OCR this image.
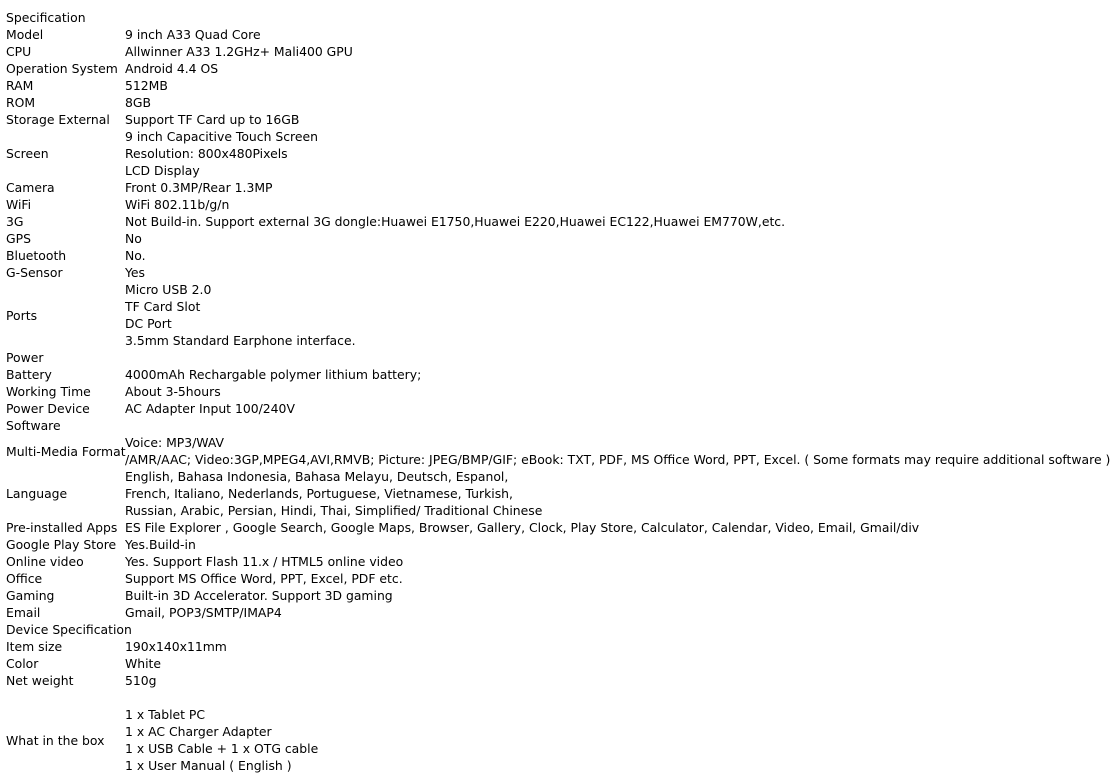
Specification	
Model	9 inch A33 Quad Core

CPU	Allwinner A33 1.2GHz+ Mali400 GPU

Operation System	Android 4.4 OS

RAM	512MB

ROM	8GB

Storage External	Support TF Card up to 16GB

Screen	9 inch Capacitive Touch Screen
Resolution: 800x480Pixels
LCD Display

Camera	Front 0.3MP/Rear 1.3MP

WiFi	WiFi 802.11b/g/n

3G	Not Build-in. Support external 3G dongle:Huawei E1750,Huawei E220,Huawei EC122,Huawei EM770W,etc.

GPS	No

Bluetooth	No.

G-Sensor	Yes

Ports	Micro USB 2.0
TF Card Slot
DC Port
3.5mm Standard Earphone interface.

Power	
Battery	4000mAh Rechargable polymer lithium battery;

Working Time	About 3-5hours

Power Device	AC Adapter Input 100/240V

Software	
Multi-Media Format	Voice: MP3/WAV
/AMR/AAC; Video:3GP,MPEG4,AVI,RMVB; Picture: JPEG/BMP/GIF; eBook: TXT, PDF, MS Office Word, PPT, Excel. ( Some formats may require additional software )

Language	English, Bahasa Indonesia, Bahasa Melayu, Deutsch, Espanol,
French, Italiano, Nederlands, Portuguese, Vietnamese, Turkish,
Russian, Arabic, Persian, Hindi, Thai, Simplified/ Traditional Chinese

Pre-installed Apps	ES File Explorer , Google Search, Google Maps, Browser, Gallery, Clock, Play Store, Calculator, Calendar, Video, Email, Gmail/div

Google Play Store	Yes.Build-in

Online video	Yes. Support Flash 11.x / HTML5 online video

Office	Support MS Office Word, PPT, Excel, PDF etc.

Gaming	Built-in 3D Accelerator. Support 3D gaming

Email	Gmail, POP3/SMTP/IMAP4

Device Specification	
Item size	190x140x11mm

Color	White

Net weight	510g

What in the box	1 x Tablet PC
1 x AC Charger Adapter
1 x USB Cable + 1 x OTG cable
1 x User Manual ( English )
